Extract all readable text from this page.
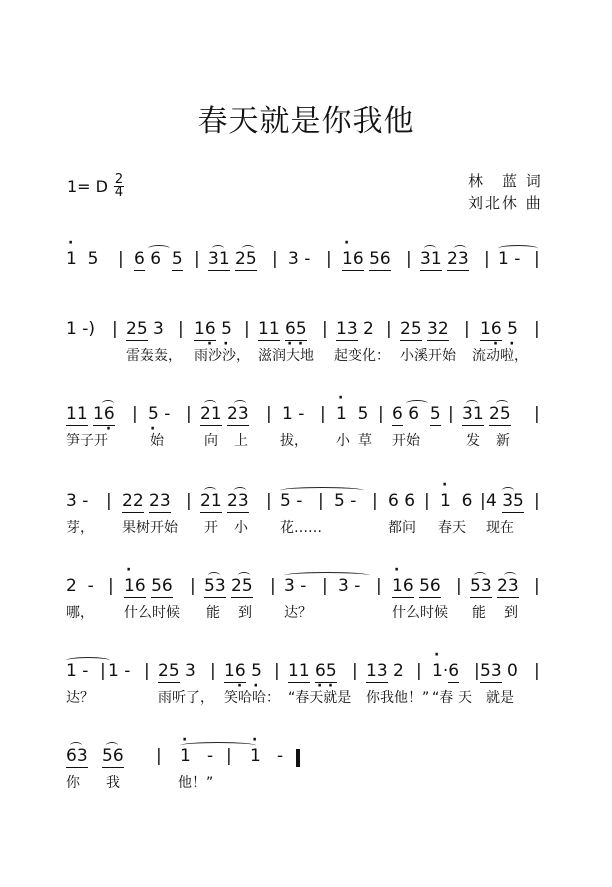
春天就是你我他
1= D $\frac{2}{4}$	林　蓝 词
刘北休 曲
· 1  5 | 6 6  5 | 31 25 | 3 - | · 16 56 | 31 23 | 1 - |
1 -) | 25 3 | 16 · 5 · | 11 6 ·5 · | 13 2 | 25 32 | 16 · 5 · |
雷轰轰， 雨沙沙， 滋润大地 起变化： 小溪开始 流动啦，
11 16 · | 5 · - | 21 23 | 1 - | · 1  5 | 6 6  5 | 31 25 |
笋子开	始	向 上 拔， 小 草 开始	发 新
3 - | 22 23 | 21 23 | 5 - | 5 - | 6 6 | · 1  6 | 4 35 |
芽， 果树开始 开 小 花……	都问 春天 现在
2  - | · 16 56 | 53 25 | 3 - | 3 - | · 16 56 | 53 23 |
哪， 什么时候 能 到 达？	什么时候 能 到
1 - | 1 - | 25 3 | 16 · 5 · | 11 6 ·5 · | 13 2 | · 1·6 | 53 0 |
达？	雨听了， 笑哈哈： “春天就是 你我他！” “春 天 就是
63 56 | · 1   - | · 1   -
你 我	他！”
